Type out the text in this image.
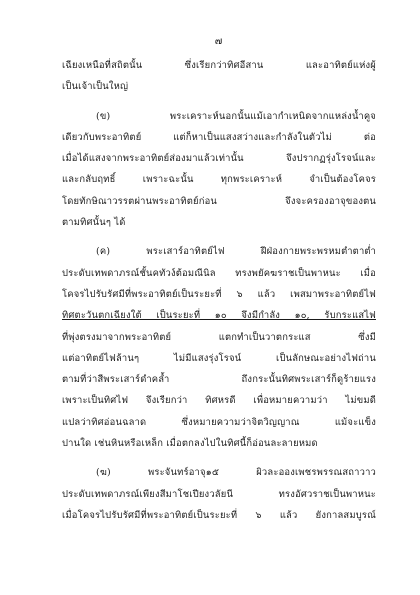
๗
เฉียงเหนือที่สถิตนั้น ซึ่งเรียกว่าทิศอีสาน และอาทิตย์แห่งผู้
เป็นเจ้าเป็นใหญ่
(ข) พระเคราะห์นอกนั้นแม้เอากำเหนิดจากแหล่งน้ำคูจ
เดียวกับพระอาทิตย์ แต่ก็หาเป็นแสงสว่างและกำลังในตัวไม่ ต่อ
เมื่อได้แสงจากพระอาทิตย์ส่องมาแล้วเท่านั้น จึงปรากฏรุ่งโรจน์และ
และกลับฤทธิ์ เพราะฉะนั้น ทุกพระเคราะห์ จำเป็นต้องโคจร
โดยทักษิณาวรรตผ่านพระอาทิตย์ก่อน จึงจะครองอาจุของตน
ตามทิศนั้นๆ ได้
(ค) พระเสาร์อาทิตย์ไฟ ฝีฝ่องกายพระพรหมตำตาต่ำ
ประดับเทพดาภรณ์ชั้นคทัวง์ต้อมณีนิล ทรงพยัคฆราชเป็นพาหนะ เมื่อ
โคจรไปรับรัศมีที่พระอาทิตย์เป็นระยะที่ ๖ แล้ว เพสมาพระอาทิตย์ไฟ
ทิศตะวันตกเฉียงใต้ เป็นระยะที่ ๑๐ จึงมีกำลัง ๑๐, รับกระแสไฟ
ที่พุ่งตรงมาจากพระอาทิตย์ แตกทำเป็นวาตกระแส ซึ่งมี
แต่อาทิตย์ไฟล้านๆ ไม่มีแสงรุ่งโรจน์ เป็นลักษณะอย่างไฟถ่าน
ตามที่ว่าสีพระเสาร์ดำคล้ำ ถึงกระนั้นทิศพระเสาร์ก็ดูร้ายแรง
เพราะเป็นทิศไฟ จึงเรียกว่า ทิศหรดี เพื่อหมายความว่า ไม่ขมดี
แปลว่าทิศอ่อนฉลาด ซึ่งหมายความว่าจิตวิญญาณ แม้จะแข็ง
ปานใด เช่นหินหรือเหล็ก เมื่อตกลงไปในทิศนี้ก็อ่อนละลายหมด
(ฆ) พระจันทร์อาจุ๑๕ ผิวละอองเพชรพรรณสถาวาว
ประดับเทพดาภรณ์เพียงสีมาโชเปียงวลัยนี ทรงอัศวราชเป็นพาหนะ
เมื่อโคจรไปรับรัศมีที่พระอาทิตย์เป็นระยะที่ ๖ แล้ว ยังกาลสมบูรณ์
